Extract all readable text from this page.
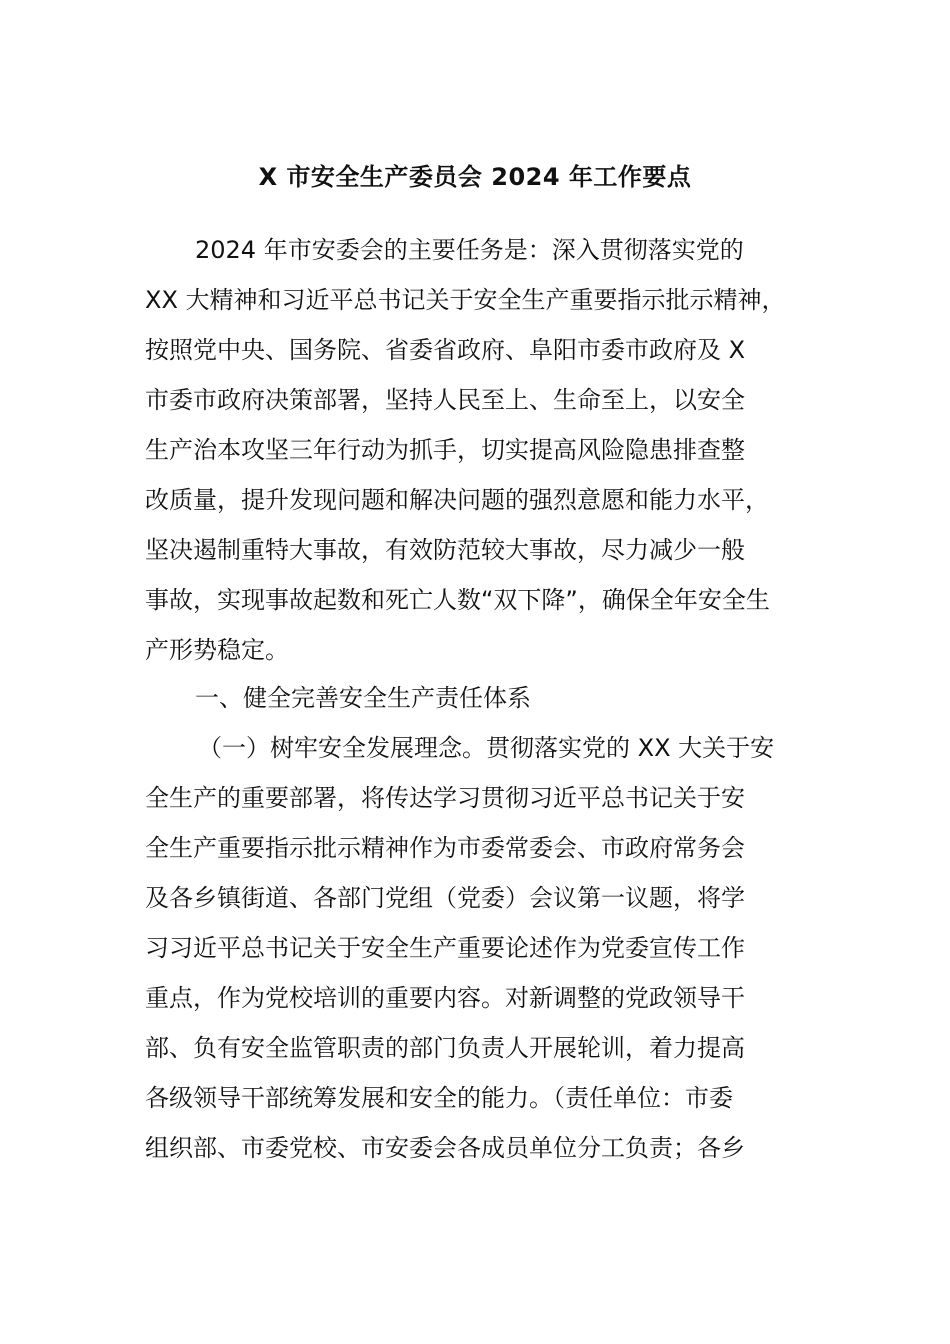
X 市安全生产委员会 2024 年工作要点
2024 年市安委会的主要任务是：深入贯彻落实党的
XX 大精神和习近平总书记关于安全生产重要指示批示精神，
按照党中央、国务院、省委省政府、阜阳市委市政府及 X
市委市政府决策部署，坚持人民至上、生命至上，以安全
生产治本攻坚三年行动为抓手，切实提高风险隐患排查整
改质量，提升发现问题和解决问题的强烈意愿和能力水平，
坚决遏制重特大事故，有效防范较大事故，尽力减少一般
事故，实现事故起数和死亡人数“双下降”，确保全年安全生
产形势稳定。
一、健全完善安全生产责任体系
（一）树牢安全发展理念。贯彻落实党的 XX 大关于安
全生产的重要部署，将传达学习贯彻习近平总书记关于安
全生产重要指示批示精神作为市委常委会、市政府常务会
及各乡镇街道、各部门党组（党委）会议第一议题，将学
习习近平总书记关于安全生产重要论述作为党委宣传工作
重点，作为党校培训的重要内容。对新调整的党政领导干
部、负有安全监管职责的部门负责人开展轮训，着力提高
各级领导干部统筹发展和安全的能力。（责任单位：市委
组织部、市委党校、市安委会各成员单位分工负责；各乡
